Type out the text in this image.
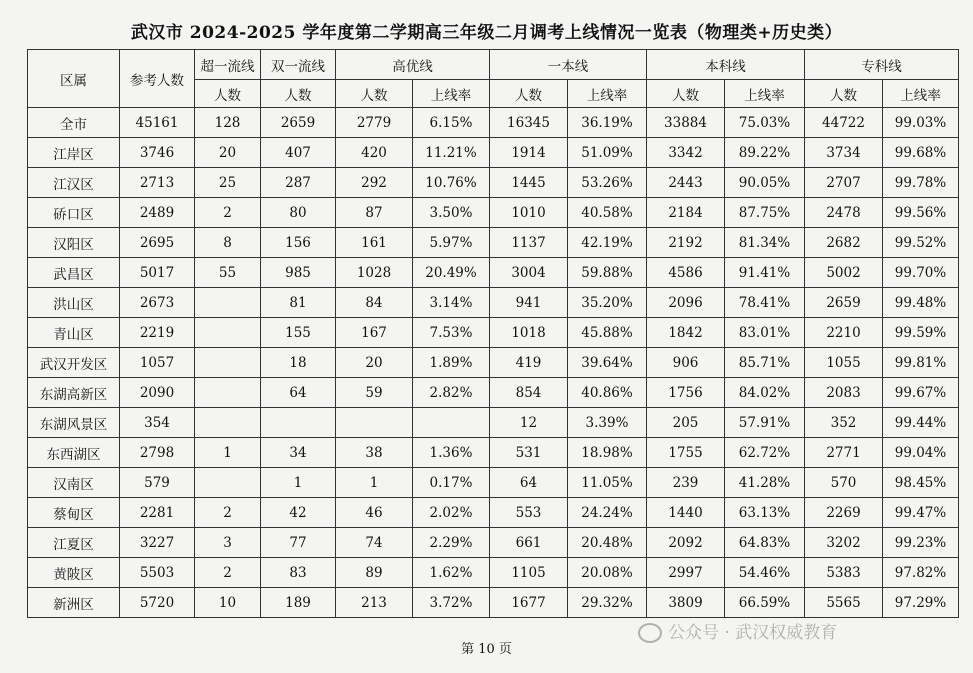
武汉市 2024-2025 学年度第二学期高三年级二月调考上线情况一览表（物理类+历史类）
区属	参考人数	超一流线	双一流线	高优线		一本线		本科线		专科线	
		人数	人数	人数	上线率	人数	上线率	人数	上线率	人数	上线率
全市	45161	128	2659	2779	6.15%	16345	36.19%	33884	75.03%	44722	99.03%
江岸区	3746	20	407	420	11.21%	1914	51.09%	3342	89.22%	3734	99.68%
江汉区	2713	25	287	292	10.76%	1445	53.26%	2443	90.05%	2707	99.78%
硚口区	2489	2	80	87	3.50%	1010	40.58%	2184	87.75%	2478	99.56%
汉阳区	2695	8	156	161	5.97%	1137	42.19%	2192	81.34%	2682	99.52%
武昌区	5017	55	985	1028	20.49%	3004	59.88%	4586	91.41%	5002	99.70%
洪山区	2673		81	84	3.14%	941	35.20%	2096	78.41%	2659	99.48%
青山区	2219		155	167	7.53%	1018	45.88%	1842	83.01%	2210	99.59%
武汉开发区	1057		18	20	1.89%	419	39.64%	906	85.71%	1055	99.81%
东湖高新区	2090		64	59	2.82%	854	40.86%	1756	84.02%	2083	99.67%
东湖风景区	354					12	3.39%	205	57.91%	352	99.44%
东西湖区	2798	1	34	38	1.36%	531	18.98%	1755	62.72%	2771	99.04%
汉南区	579		1	1	0.17%	64	11.05%	239	41.28%	570	98.45%
蔡甸区	2281	2	42	46	2.02%	553	24.24%	1440	63.13%	2269	99.47%
江夏区	3227	3	77	74	2.29%	661	20.48%	2092	64.83%	3202	99.23%
黄陂区	5503	2	83	89	1.62%	1105	20.08%	2997	54.46%	5383	97.82%
新洲区	5720	10	189	213	3.72%	1677	29.32%	3809	66.59%	5565	97.29%
公众号 · 武汉权威教育
第 10 页
